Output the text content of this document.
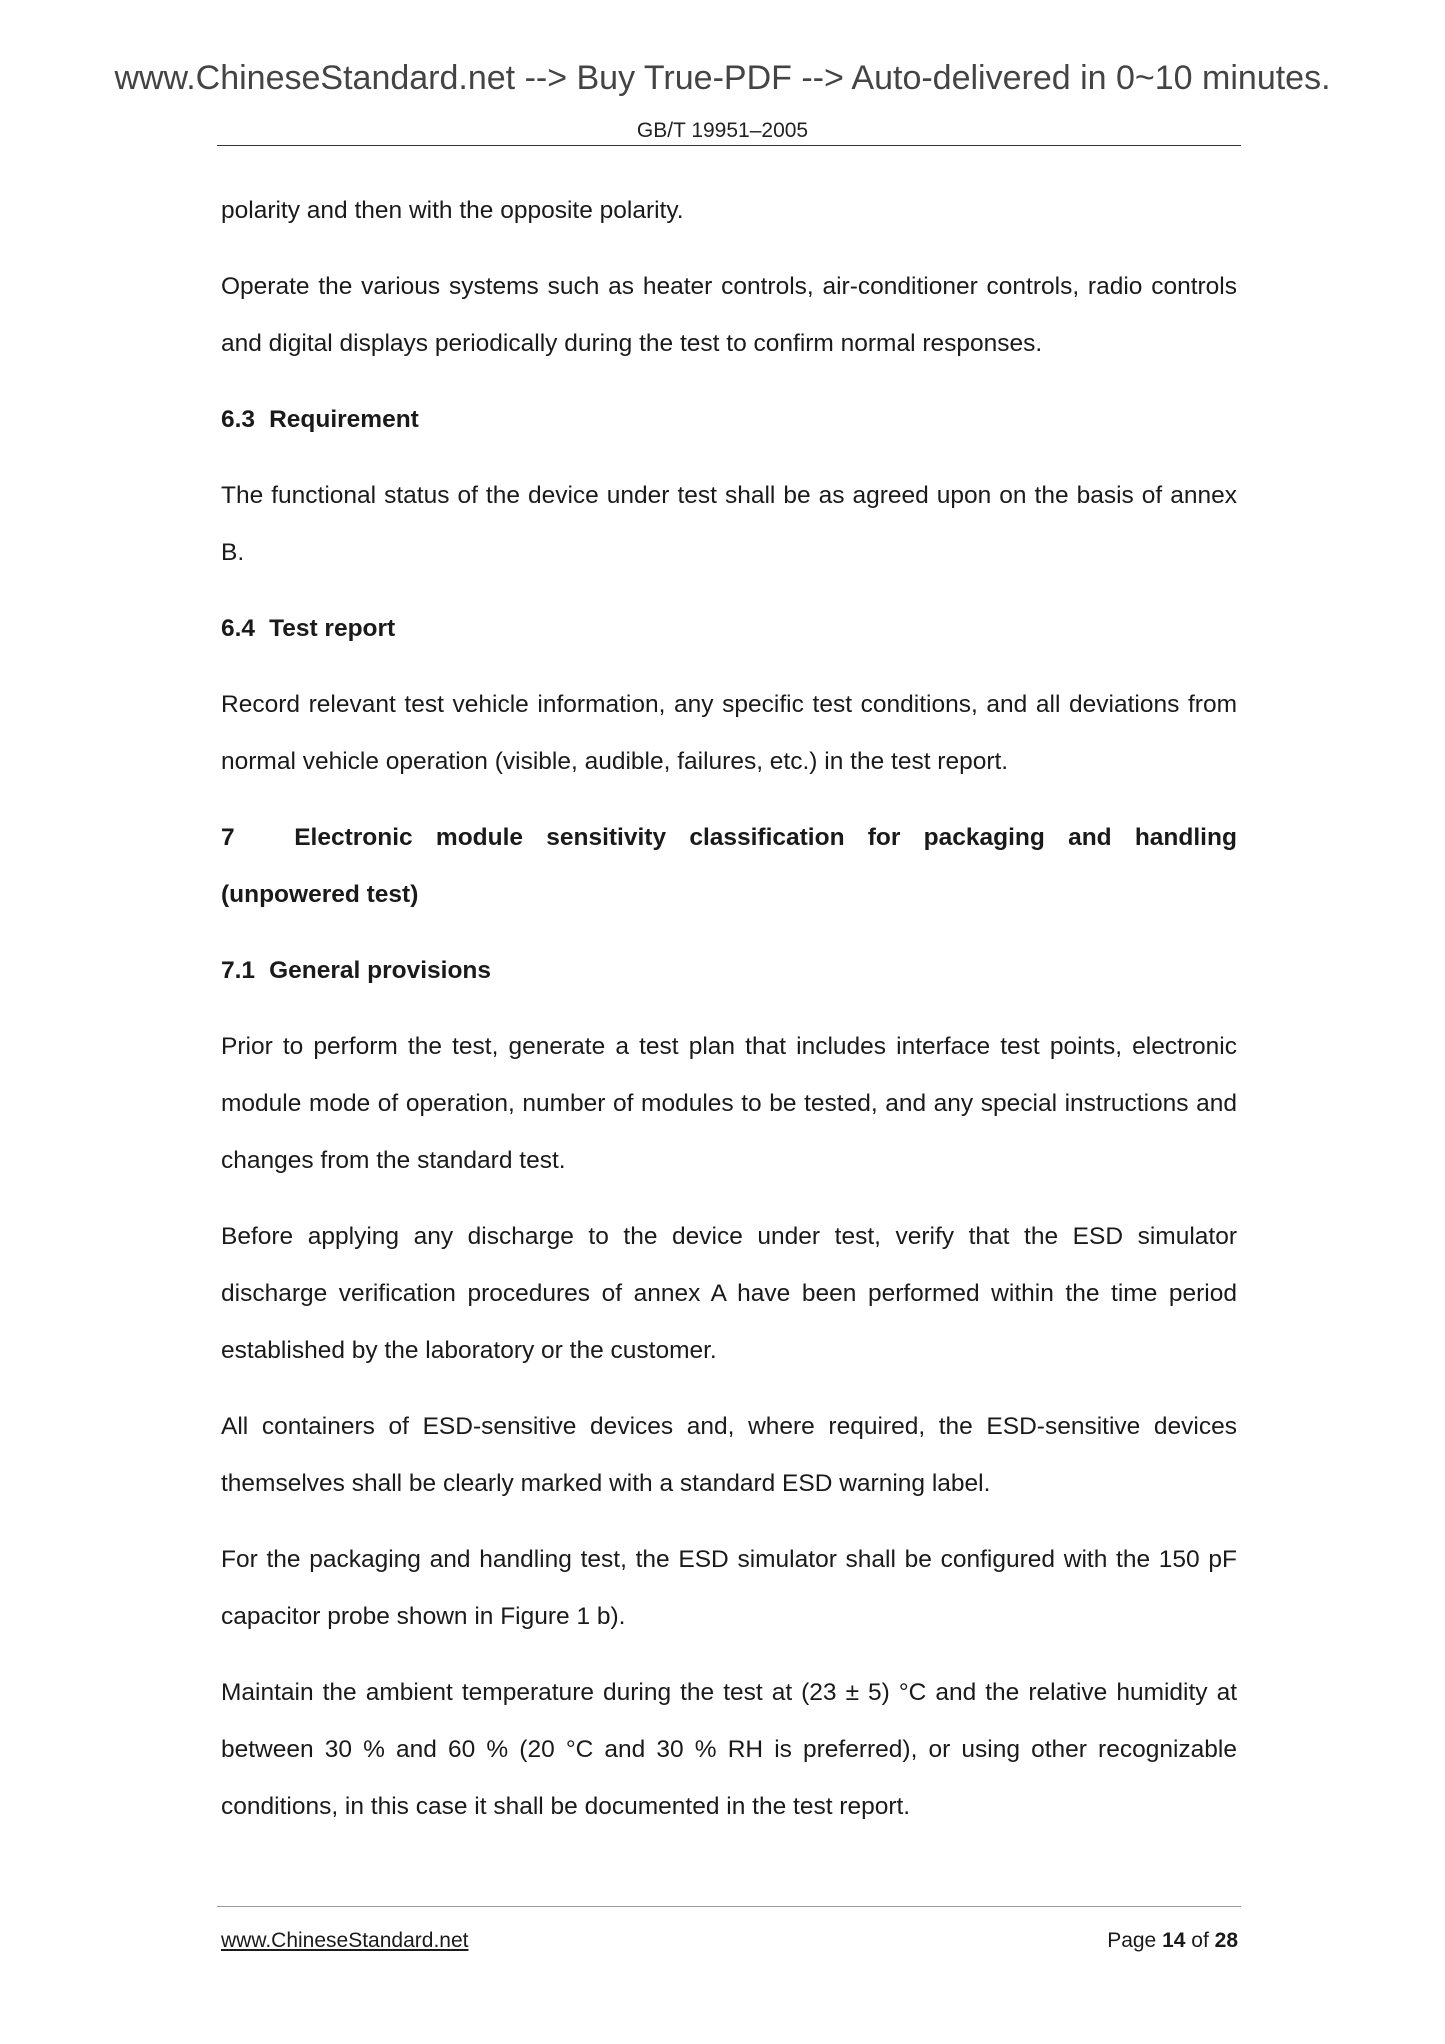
www.ChineseStandard.net --> Buy True-PDF --> Auto-delivered in 0~10 minutes.
GB/T 19951–2005

polarity and then with the opposite polarity.

Operate the various systems such as heater controls, air-conditioner controls, radio controls and digital displays periodically during the test to confirm normal responses.

6.3 Requirement

The functional status of the device under test shall be as agreed upon on the basis of annex B.

6.4 Test report

Record relevant test vehicle information, any specific test conditions, and all deviations from normal vehicle operation (visible, audible, failures, etc.) in the test report.

7	Electronic module sensitivity classification for packaging and handling
(unpowered test)
7.1 General provisions

Prior to perform the test, generate a test plan that includes interface test points, electronic module mode of operation, number of modules to be tested, and any special instructions and changes from the standard test.

Before applying any discharge to the device under test, verify that the ESD simulator discharge verification procedures of annex A have been performed within the time period established by the laboratory or the customer.

All containers of ESD-sensitive devices and, where required, the ESD-sensitive devices themselves shall be clearly marked with a standard ESD warning label.

For the packaging and handling test, the ESD simulator shall be configured with the 150 pF capacitor probe shown in Figure 1 b).

Maintain the ambient temperature during the test at (23 ± 5) °C and the relative humidity at between 30 % and 60 % (20 °C and 30 % RH is preferred), or using other recognizable conditions, in this case it shall be documented in the test report.

www.ChineseStandard.net	Page 14 of 28
